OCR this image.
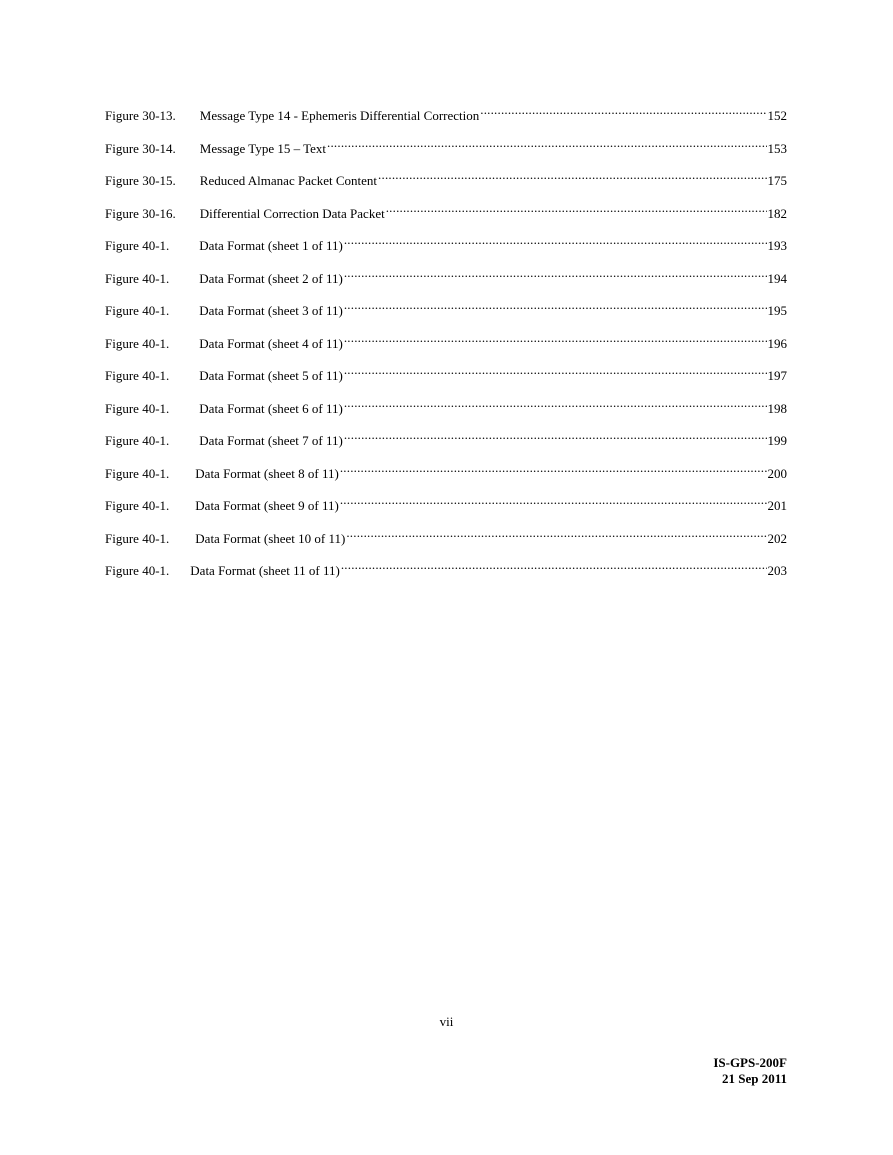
Figure 30-13. Message Type 14 - Ephemeris Differential Correction .....	152
Figure 30-14. Message Type 15 – Text .....	153
Figure 30-15. Reduced Almanac Packet Content .....	175
Figure 30-16. Differential Correction Data Packet .....	182
Figure 40-1. Data Format (sheet 1 of 11) .....	193
Figure 40-1. Data Format (sheet 2 of 11) .....	194
Figure 40-1. Data Format (sheet 3 of 11) .....	195
Figure 40-1. Data Format (sheet 4 of 11) .....	196
Figure 40-1. Data Format (sheet 5 of 11) .....	197
Figure 40-1. Data Format (sheet 6 of 11) .....	198
Figure 40-1. Data Format (sheet 7 of 11) .....	199
Figure 40-1. Data Format (sheet 8 of 11) .....	200
Figure 40-1. Data Format (sheet 9 of 11) .....	201
Figure 40-1. Data Format (sheet 10 of 11) .....	202
Figure 40-1. Data Format (sheet 11 of 11) .....	203
vii
IS-GPS-200F
21 Sep 2011
